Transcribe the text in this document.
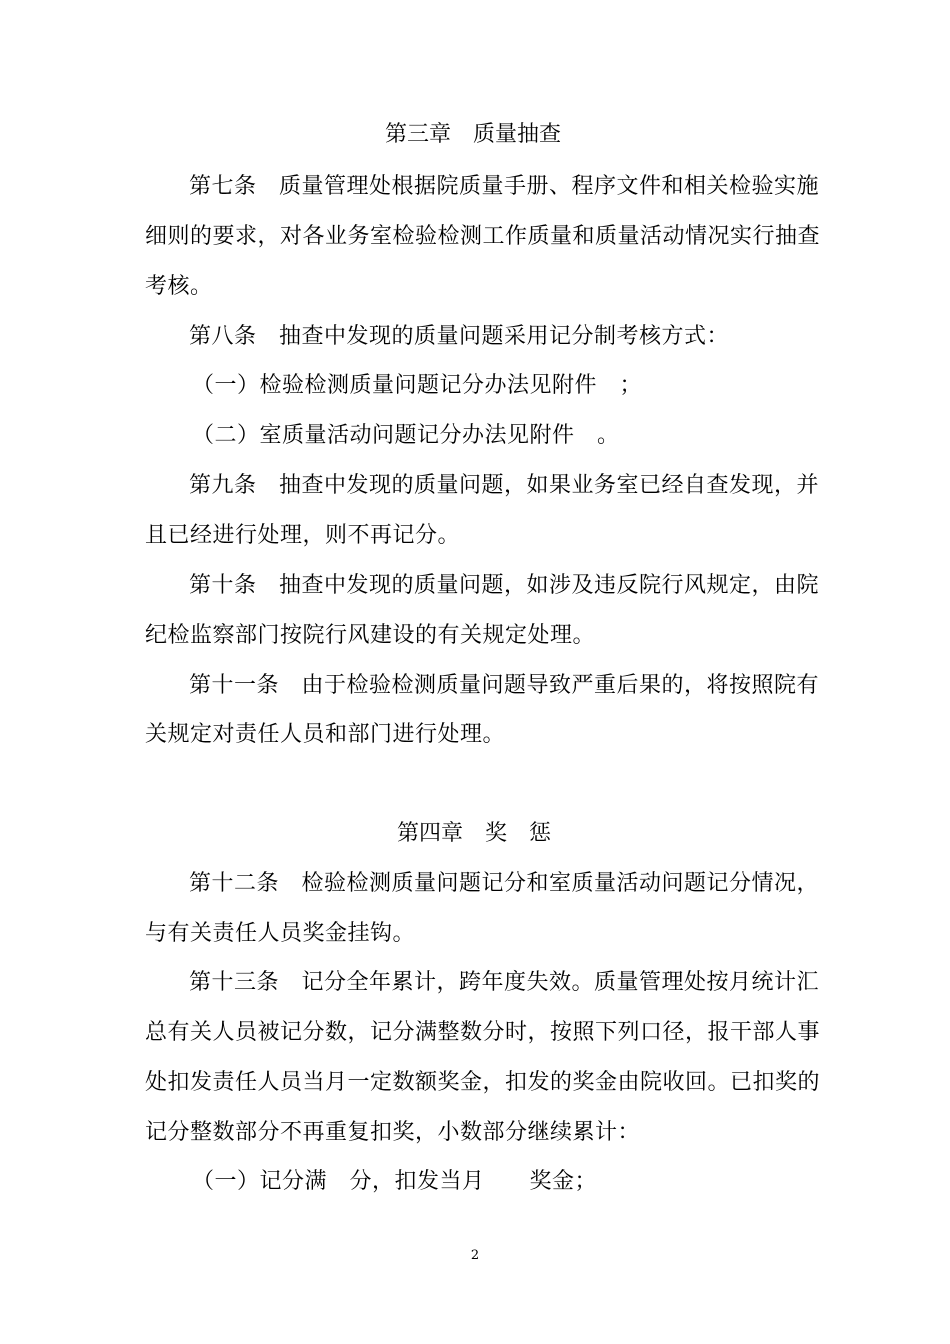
第三章　质量抽查
第七条　质量管理处根据院质量手册、程序文件和相关检验实施
细则的要求，对各业务室检验检测工作质量和质量活动情况实行抽查
考核。
第八条　抽查中发现的质量问题采用记分制考核方式：
（一）检验检测质量问题记分办法见附件　；
（二）室质量活动问题记分办法见附件　。
第九条　抽查中发现的质量问题，如果业务室已经自查发现，并
且已经进行处理，则不再记分。
第十条　抽查中发现的质量问题，如涉及违反院行风规定，由院
纪检监察部门按院行风建设的有关规定处理。
第十一条　由于检验检测质量问题导致严重后果的，将按照院有
关规定对责任人员和部门进行处理。
第四章　奖　惩
第十二条　检验检测质量问题记分和室质量活动问题记分情况，
与有关责任人员奖金挂钩。
第十三条　记分全年累计，跨年度失效。质量管理处按月统计汇
总有关人员被记分数，记分满整数分时，按照下列口径，报干部人事
处扣发责任人员当月一定数额奖金，扣发的奖金由院收回。已扣奖的
记分整数部分不再重复扣奖，小数部分继续累计：
（一）记分满　分，扣发当月　　奖金；
2
